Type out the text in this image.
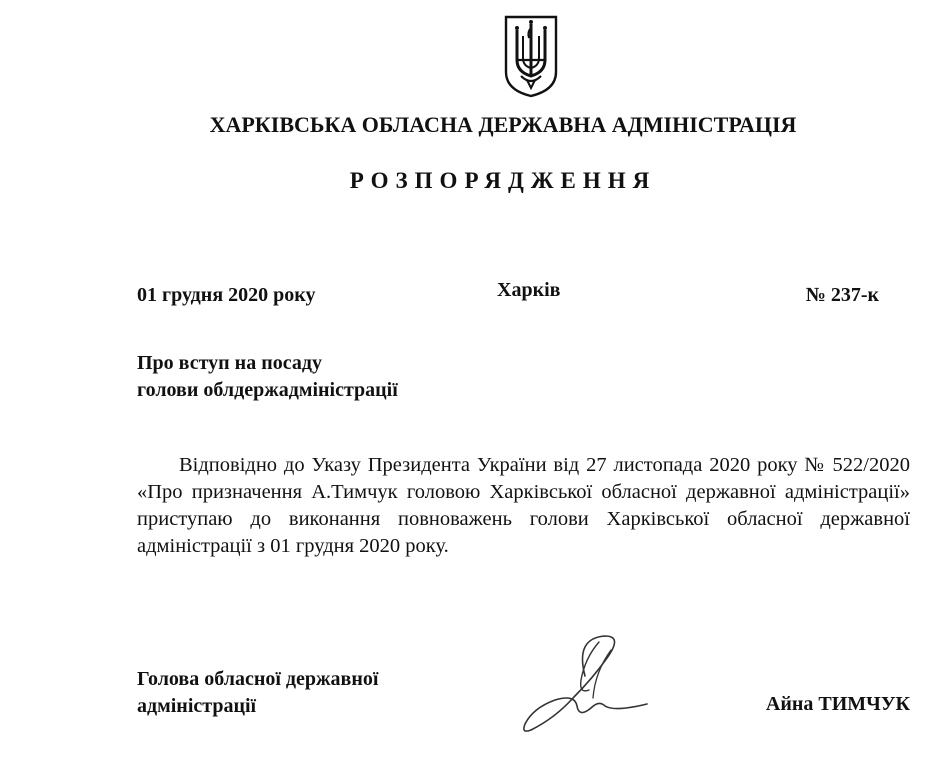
ХАРКІВСЬКА ОБЛАСНА ДЕРЖАВНА АДМІНІСТРАЦІЯ
РОЗПОРЯДЖЕННЯ
01 грудня 2020 року	Харків	№ 237-к
Про вступ на посаду
голови облдержадміністрації
Відповідно до Указу Президента України від 27 листопада 2020 року № 522/2020 «Про призначення А.Тимчук головою Харківської обласної державної адміністрації» приступаю до виконання повноважень голови Харківської обласної державної адміністрації з 01 грудня 2020 року.
Голова обласної державної
адміністрації	Айна ТИМЧУК
